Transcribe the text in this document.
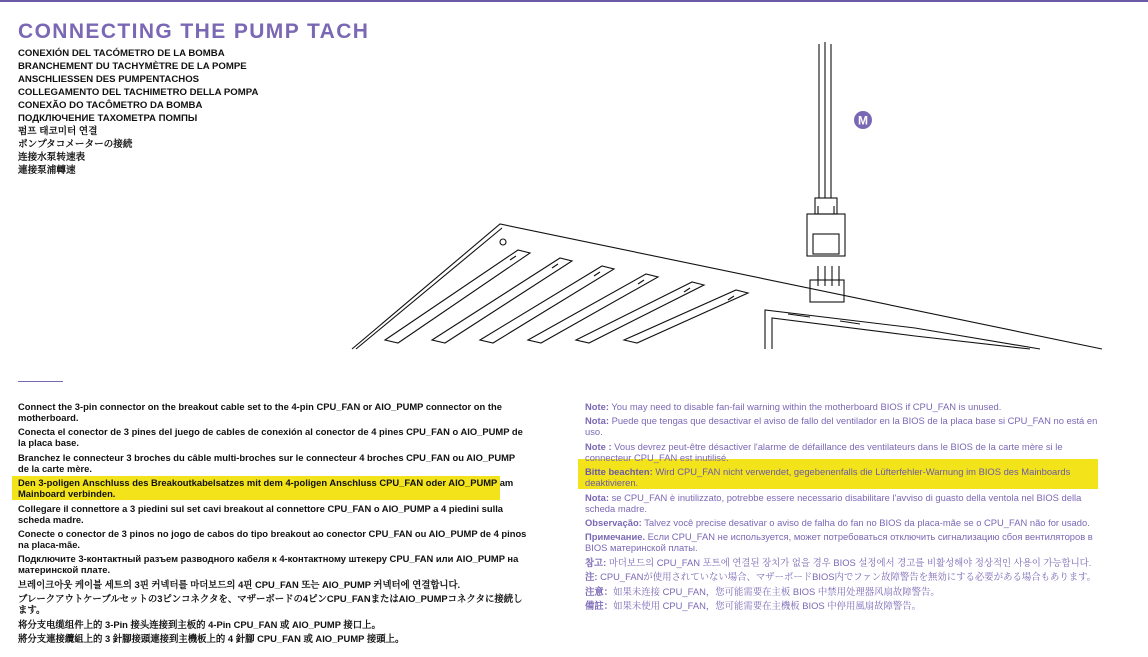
CONNECTING THE PUMP TACH
CONEXIÓN DEL TACÓMETRO DE LA BOMBA
BRANCHEMENT DU TACHYMÈTRE DE LA POMPE
ANSCHLIESSEN DES PUMPENTACHOS
COLLEGAMENTO DEL TACHIMETRO DELLA POMPA
CONEXÃO DO TACÔMETRO DA BOMBA
ПОДКЛЮЧЕНИЕ ТАХОМЕТРА ПОМПЫ
펌프 태코미터 연결
ポンプタコメーターの接続
连接水泵转速表
連接泵浦轉速
M

Connect the 3-pin connector on the breakout cable set to the 4-pin CPU_FAN or AIO_PUMP connector on the motherboard.

Conecta el conector de 3 pines del juego de cables de conexión al conector de 4 pines CPU_FAN o AIO_PUMP de la placa base.

Branchez le connecteur 3 broches du câble multi-broches sur le connecteur 4 broches CPU_FAN ou AIO_PUMP de la carte mère.

Den 3-poligen Anschluss des Breakoutkabelsatzes mit dem 4-poligen Anschluss CPU_FAN oder AIO_PUMP am Mainboard verbinden.

Collegare il connettore a 3 piedini sul set cavi breakout al connettore CPU_FAN o AIO_PUMP a 4 piedini sulla scheda madre.

Conecte o conector de 3 pinos no jogo de cabos do tipo breakout ao conector CPU_FAN ou AIO_PUMP de 4 pinos na placa-mãe.

Подключите 3-контактный разъем разводного кабеля к 4-контактному штекеру CPU_FAN или AIO_PUMP на материнской плате.

브레이크아웃 케이블 세트의 3핀 커넥터를 마더보드의 4핀 CPU_FAN 또는 AIO_PUMP 커넥터에 연결합니다.

ブレークアウトケーブルセットの3ピンコネクタを、マザーボードの4ピンCPU_FANまたはAIO_PUMPコネクタに接続します。

将分支电缆组件上的 3-Pin 接头连接到主板的 4-Pin CPU_FAN 或 AIO_PUMP 接口上。

將分支連接纜組上的 3 針腳接頭連接到主機板上的 4 針腳 CPU_FAN 或 AIO_PUMP 接頭上。

Note: You may need to disable fan-fail warning within the motherboard BIOS if CPU_FAN is unused.

Nota: Puede que tengas que desactivar el aviso de fallo del ventilador en la BIOS de la placa base si CPU_FAN no está en uso.

Note : Vous devrez peut-être désactiver l'alarme de défaillance des ventilateurs dans le BIOS de la carte mère si le connecteur CPU_FAN est inutilisé.

Bitte beachten: Wird CPU_FAN nicht verwendet, gegebenenfalls die Lüfterfehler-Warnung im BIOS des Mainboards deaktivieren.

Nota: se CPU_FAN è inutilizzato, potrebbe essere necessario disabilitare l'avviso di guasto della ventola nel BIOS della scheda madre.

Observação: Talvez você precise desativar o aviso de falha do fan no BIOS da placa-mãe se o CPU_FAN não for usado.

Примечание. Если CPU_FAN не используется, может потребоваться отключить сигнализацию сбоя вентиляторов в BIOS материнской платы.

참고: 마더보드의 CPU_FAN 포트에 연결된 장치가 없을 경우 BIOS 설정에서 경고를 비활성해야 정상적인 사용이 가능합니다.

注: CPU_FANが使用されていない場合、マザーボードBIOS内でファン故障警告を無効にする必要がある場合もあります。

注意：如果未连接 CPU_FAN，您可能需要在主板 BIOS 中禁用处理器风扇故障警告。

備註：如果未使用 CPU_FAN，您可能需要在主機板 BIOS 中停用風扇故障警告。
